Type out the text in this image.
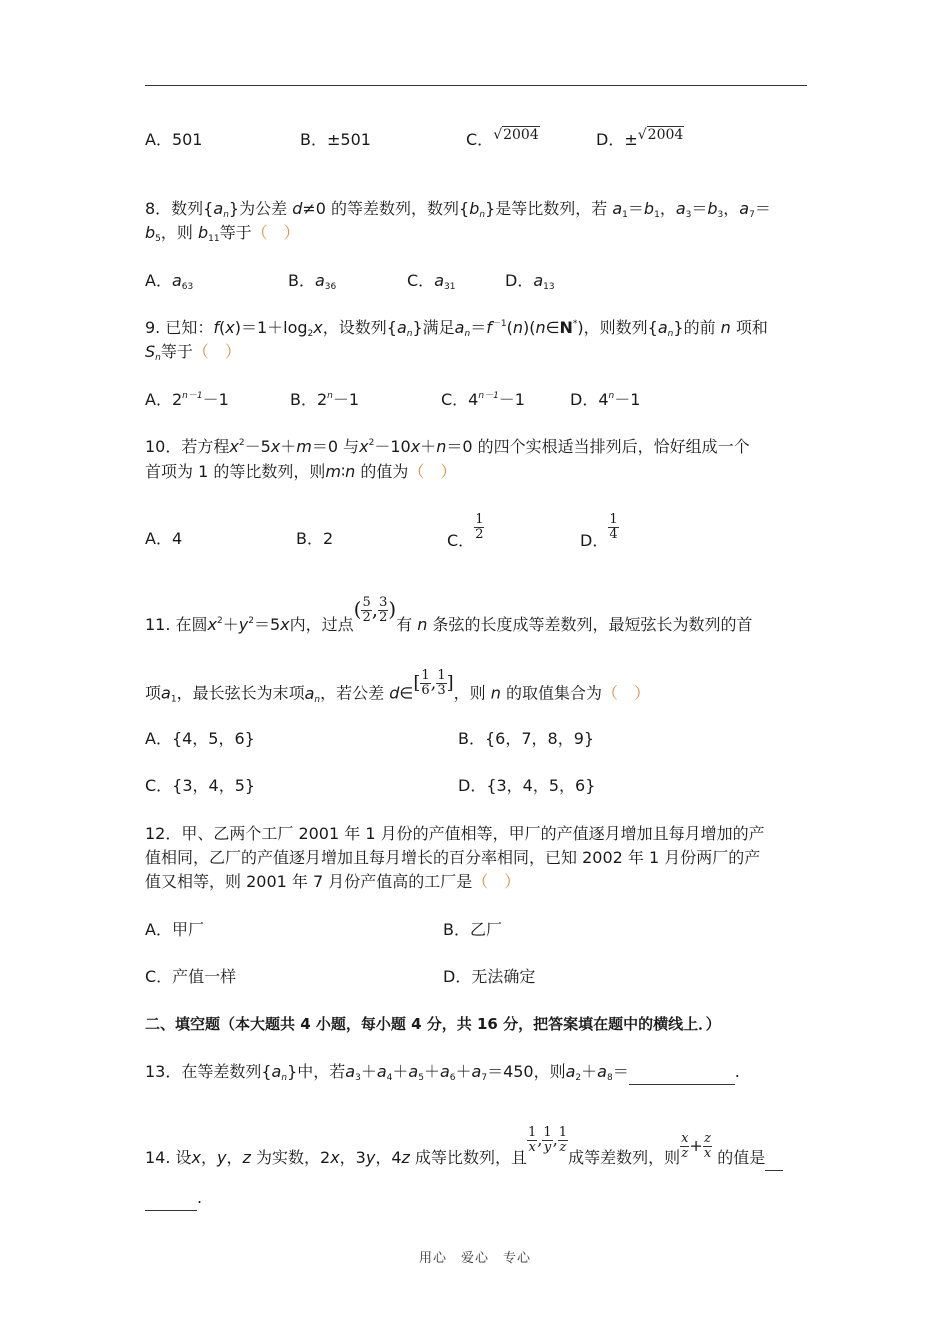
A．501	B．±501	C．√2004	D．±√2004
8．数列$\{a_n\}$为公差 d≠0 的等差数列，数列$\{b_n\}$是等比数列，若 $a_1=b_1$，$a_3=b_3$，$a_7=$
$b_5$，则 $b_{11}$等于（　）
A．$a_{63}$	B．$a_{36}$	C．$a_{31}$	D．$a_{13}$
9. 已知：$f(x)=1+\log_2x$，设数列$\{a_n\}$满足$a_n=f^{-1}(n)(n\in N^*)$，则数列$\{a_n\}$的前 n 项和
$S_n$等于（　）
A．$2^{n-1}-1$	B．$2^n-1$	C．$4^{n-1}-1$	D．$4^n-1$
10．若方程$x^2-5x+m=0$ 与$x^2-10x+n=0$ 的四个实根适当排列后，恰好组成一个
首项为 1 的等比数列，则m∶n 的值为（　）
A．4	B．2	C． $\frac{1}{2}$	D． $\frac{1}{4}$
11. 在圆$x^2+y^2=5x$内，过点( $\frac{5}{2}$ , $\frac{3}{2}$ )有 n 条弦的长度成等差数列，最短弦长为数列的首
项$a_1$，最长弦长为末项$a_n$，若公差 d∈[ $\frac{1}{6}$ , $\frac{1}{3}$ ]，则 n 的取值集合为（　）
A．{4，5，6}	B．{6，7，8，9}
C．{3，4，5}	D．{3，4，5，6}
12．甲、乙两个工厂 2001 年 1 月份的产值相等，甲厂的产值逐月增加且每月增加的产
值相同，乙厂的产值逐月增加且每月增长的百分率相同，已知 2002 年 1 月份两厂的产
值又相等，则 2001 年 7 月份产值高的工厂是（　）
A．甲厂	B．乙厂
C．产值一样	D．无法确定
二、填空题（本大题共 4 小题，每小题 4 分，共 16 分，把答案填在题中的横线上．）
13．在等差数列$\{a_n\}$中，若$a_3+a_4+a_5+a_6+a_7=450$，则$a_2+a_8=$	.
14. 设x，y，z 为实数，2x，3y，4z 成等比数列，且
$\frac{1}{x}$ , $\frac{1}{y}$ , $\frac{1}{z}$
成等差数列，则 $\frac{x}{z} + \frac{z}{x}$ 的值是
.
用心　爱心　专心
